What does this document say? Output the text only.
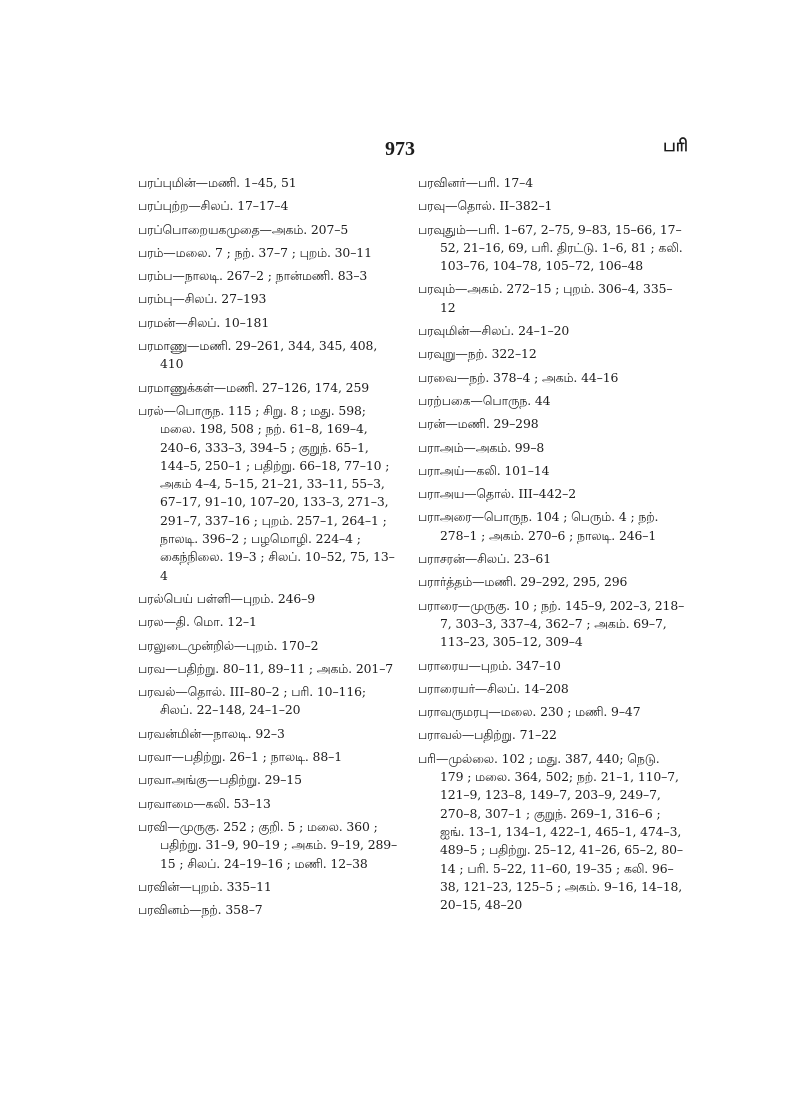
973	பரி
பரப்புமின்—மணி. 1–45, 51
பரப்புற்ற—சிலப். 17–17–4
பரப்பொறையகமுதை—அகம். 207–5
பரம்—மலை. 7 ; நற். 37–7 ; புறம். 30–11
பரம்ப—நாலடி. 267–2 ; நான்மணி. 83–3
பரம்பு—சிலப். 27–193
பரமன்—சிலப். 10–181
பரமாணு—மணி. 29–261, 344, 345, 408, 410
பரமாணுக்கள்—மணி. 27–126, 174, 259
பரல்—பொருந. 115 ; சிறு. 8 ; மது. 598; மலை. 198, 508 ; நற். 61–8, 169–4, 240–6, 333–3, 394–5 ; குறுந். 65–1, 144–5, 250–1 ; பதிற்று. 66–18, 77–10 ; அகம் 4–4, 5–15, 21–21, 33–11, 55–3, 67–17, 91–10, 107–20, 133–3, 271–3, 291–7, 337–16 ; புறம். 257–1, 264–1 ; நாலடி. 396–2 ; பழமொழி. 224–4 ; கைந்நிலை. 19–3 ; சிலப். 10–52, 75, 13–4
பரல்பெய் பள்ளி—புறம். 246–9
பரல—தி. மொ. 12–1
பரலுடைமுன்றில்—புறம். 170–2
பரவ—பதிற்று. 80–11, 89–11 ; அகம். 201–7
பரவல்—தொல். III–80–2 ; பரி. 10–116; சிலப். 22–148, 24–1–20
பரவன்மின்—நாலடி. 92–3
பரவா—பதிற்று. 26–1 ; நாலடி. 88–1
பரவாஅங்கு—பதிற்று. 29–15
பரவாமை—கலி. 53–13
பரவி—முருகு. 252 ; குறி. 5 ; மலை. 360 ; பதிற்று. 31–9, 90–19 ; அகம். 9–19, 289–15 ; சிலப். 24–19–16 ; மணி. 12–38
பரவின்—புறம். 335–11
பரவினம்—நற். 358–7
பரவினர்—பரி. 17–4
பரவு—தொல். II–382–1
பரவுதும்—பரி. 1–67, 2–75, 9–83, 15–66, 17–52, 21–16, 69, பரி. திரட்டு. 1–6, 81 ; கலி. 103–76, 104–78, 105–72, 106–48
பரவும்—அகம். 272–15 ; புறம். 306–4, 335–12
பரவுமின்—சிலப். 24–1–20
பரவுறு—நற். 322–12
பரவை—நற். 378–4 ; அகம். 44–16
பரற்பகை—பொருந. 44
பரன்—மணி. 29–298
பராஅம்—அகம். 99–8
பராஅய்—கலி. 101–14
பராஅய—தொல். III–442–2
பராஅரை—பொருந. 104 ; பெரும். 4 ; நற். 278–1 ; அகம். 270–6 ; நாலடி. 246–1
பராசரன்—சிலப். 23–61
பரார்த்தம்—மணி. 29–292, 295, 296
பராரை—முருகு. 10 ; நற். 145–9, 202–3, 218–7, 303–3, 337–4, 362–7 ; அகம். 69–7, 113–23, 305–12, 309–4
பராரைய—புறம். 347–10
பராரையர்—சிலப். 14–208
பராவருமரபு—மலை. 230 ; மணி. 9–47
பராவல்—பதிற்று. 71–22
பரி—முல்லை. 102 ; மது. 387, 440; நெடு. 179 ; மலை. 364, 502; நற். 21–1, 110–7, 121–9, 123–8, 149–7, 203–9, 249–7, 270–8, 307–1 ; குறுந். 269–1, 316–6 ; ஐங். 13–1, 134–1, 422–1, 465–1, 474–3, 489–5 ; பதிற்று. 25–12, 41–26, 65–2, 80–14 ; பரி. 5–22, 11–60, 19–35 ; கலி. 96–38, 121–23, 125–5 ; அகம். 9–16, 14–18, 20–15, 48–20
